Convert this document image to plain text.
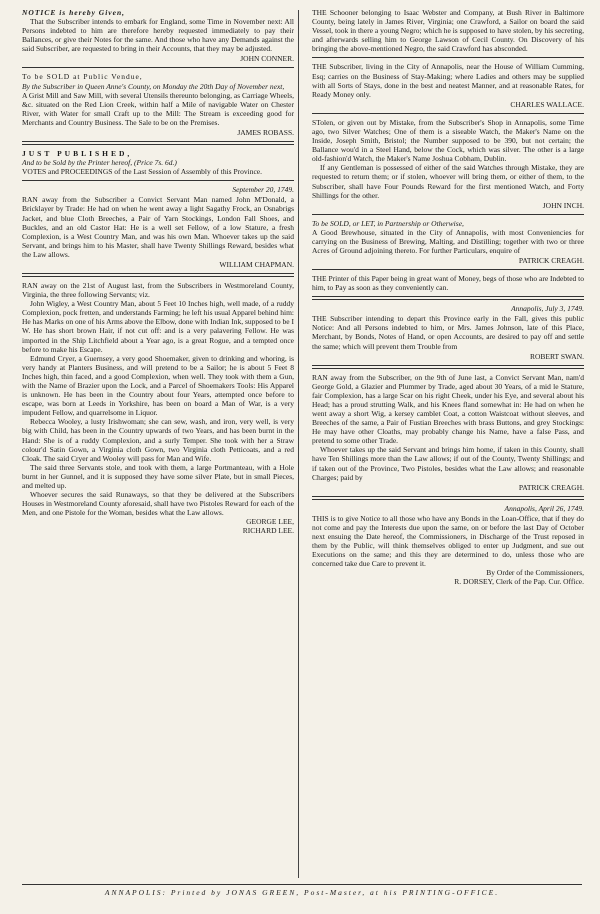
NOTICE is hereby Given,

That the Subscriber intends to embark for England, some Time in November next: All Persons indebted to him are therefore hereby requested immediately to pay their Ballances, or give their Notes for the same. And those who have any Demands against the said Subscriber, are requested to bring in their Accounts, that they may be adjusted.

JOHN CONNER.

To be SOLD at Public Vendue,

By the Subscriber in Queen Anne's County, on Monday the 20th Day of November next,

A Grist Mill and Saw Mill, with several Utensils thereunto belonging, as Carriage Wheels, &c. situated on the Red Lion Creek, within half a Mile of navigable Water on Chester River, with Water for small Craft up to the Mill: The Stream is exceeding good for Merchants and Country Business. The Sale to be on the Premises.

JAMES ROBASS.

JUST PUBLISHED,

And to be Sold by the Printer hereof, (Price 7s. 6d.)

VOTES and PROCEEDINGS of the Last Session of Assembly of this Province.

September 20, 1749.

RAN away from the Subscriber a Convict Servant Man named John M'Donald, a Bricklayer by Trade: He had on when he went away a light Sagathy Frock, an Osnabrigs Jacket, and blue Cloth Breeches, a Pair of Yarn Stockings, London Fall Shoes, and Buckles, and an old Castor Hat: He is a well set Fellow, of a low Stature, a fresh Complexion, is a West Country Man, and was his own Man. Whoever takes up the said Servant, and brings him to his Master, shall have Twenty Shillings Reward, besides what the Law allows.

WILLIAM CHAPMAN.

RAN away on the 21st of August last, from the Subscribers in Westmoreland County, Virginia, the three following Servants; viz.

John Wigley, a West Country Man, about 5 Feet 10 Inches high, well made, of a ruddy Complexion, pock fretten, and understands Farming; he left his usual Apparel behind him: He has Marks on one of his Arms above the Elbow, done with Indian Ink, supposed to be I W. He has short brown Hair, if not cut off: and is a very palavering Fellow. He was imported in the Ship Litchfield about a Year ago, is a great Rogue, and a tempted once before to make his Escape.

Edmund Cryer, a Guernsey, a very good Shoemaker, given to drinking and whoring, is very handy at Planters Business, and will pretend to be a Sailor; he is about 5 Feet 8 Inches high, thin faced, and a good Complexion, when well. They took with them a Gun, with the Name of Brazier upon the Lock, and a Parcel of Shoemakers Tools: His Apparel is unknown. He has been in the Country about four Years, attempted once before to escape, was born at Leeds in Yorkshire, has been on board a Man of War, is a very impudent Fellow, and quarrelsome in Liquor.

Rebecca Wooley, a lusty Irishwoman; she can sew, wash, and iron, very well, is very big with Child, has been in the Country upwards of two Years, and has been burnt in the Hand: She is of a ruddy Complexion, and a surly Temper. She took with her a Straw colour'd Satin Gown, a Virginia cloth Gown, two Virginia cloth Petticoats, and a red Cloak. The said Cryer and Wooley will pass for Man and Wife.

The said three Servants stole, and took with them, a large Portmanteau, with a Hole burnt in her Gunnel, and it is supposed they have some silver Plate, but in small Pieces, and melted up.

Whoever secures the said Runaways, so that they be delivered at the Subscribers Houses in Westmoreland County aforesaid, shall have two Pistoles Reward for each of the Men, and one Pistole for the Woman, besides what the Law allows.

GEORGE LEE,

RICHARD LEE.

THE Schooner belonging to Isaac Webster and Company, at Bush River in Baltimore County, being lately in James River, Virginia; one Crawford, a Sailor on board the said Vessel, took in there a young Negro; which he is supposed to have stolen, by his secreting, and afterwards selling him to George Lawson of Cecil County. On Discovery of his bringing the above-mentioned Negro, the said Crawford has absconded.

THE Subscriber, living in the City of Annapolis, near the House of William Cumming, Esq; carries on the Business of Stay-Making; where Ladies and others may be supplied with all Sorts of Stays, done in the best and neatest Manner, and at reasonable Rates, for Ready Money only.

CHARLES WALLACE.

STolen, or given out by Mistake, from the Subscriber's Shop in Annapolis, some Time ago, two Silver Watches; One of them is a siseable Watch, the Maker's Name on the Inside, Joseph Smith, Bristol; the Number supposed to be 390, but not certain; the Ballance wou'd in a Steel Hand, below the Cock, which was silver. The other is a large old-fashion'd Watch, the Maker's Name Joshua Cobham, Dublin.

If any Gentleman is possessed of either of the said Watches through Mistake, they are requested to return them; or if stolen, whoever will bring them, or either of them, to the Subscriber, shall have Four Pounds Reward for the first mentioned Watch, and Forty Shillings for the other.

JOHN INCH.

To be SOLD, or LET, in Partnership or Otherwise,

A Good Brewhouse, situated in the City of Annapolis, with most Conveniencies for carrying on the Business of Brewing, Malting, and Distilling; together with two or three Acres of Ground adjoining thereto. For further Particulars, enquire of

PATRICK CREAGH.

THE Printer of this Paper being in great want of Money, begs of those who are Indebted to him, to Pay as soon as they conveniently can.

Annapolis, July 3, 1749.

THE Subscriber intending to depart this Province early in the Fall, gives this public Notice: And all Persons indebted to him, or Mrs. James Johnson, late of this Place, Merchant, by Bonds, Notes of Hand, or open Accounts, are desired to pay off and settle the same; which will prevent them Trouble from

ROBERT SWAN.

RAN away from the Subscriber, on the 9th of June last, a Convict Servant Man, nam'd George Gold, a Glazier and Plummer by Trade, aged about 30 Years, of a mid le Stature, fair Complexion, has a large Scar on his right Cheek, under his Eye, and several about his Head; has a proud strutting Walk, and his Knees fland somewhat in: He had on when he went away a short Wig, a kersey camblet Coat, a cotton Waistcoat without sleeves, and Breeches of the same, a Pair of Fustian Breeches with brass Buttons, and grey Stockings: He may have other Cloaths, may probably change his Name, have a false Pass, and pretend to some other Trade.

Whoever takes up the said Servant and brings him home, if taken in this County, shall have Ten Shillings more than the Law allows; if out of the County, Twenty Shillings; and if taken out of the Province, Two Pistoles, besides what the Law allows; and reasonable Charges; paid by

PATRICK CREAGH.

Annapolis, April 26, 1749.

THIS is to give Notice to all those who have any Bonds in the Loan-Office, that if they do not come and pay the Interests due upon the same, on or before the last Day of October next ensuing the Date hereof, the Commissioners, in Discharge of the Trust reposed in them by the Public, will think themselves obliged to enter up Judgment, and sue out Executions on the same; and this they are determined to do, unless those who are concerned take due Care to prevent it.

By Order of the Commissioners,

R. DORSEY, Clerk of the Pap. Cur. Office.

ANNAPOLIS: Printed by JONAS GREEN, Post-Master, at his PRINTING-OFFICE.
